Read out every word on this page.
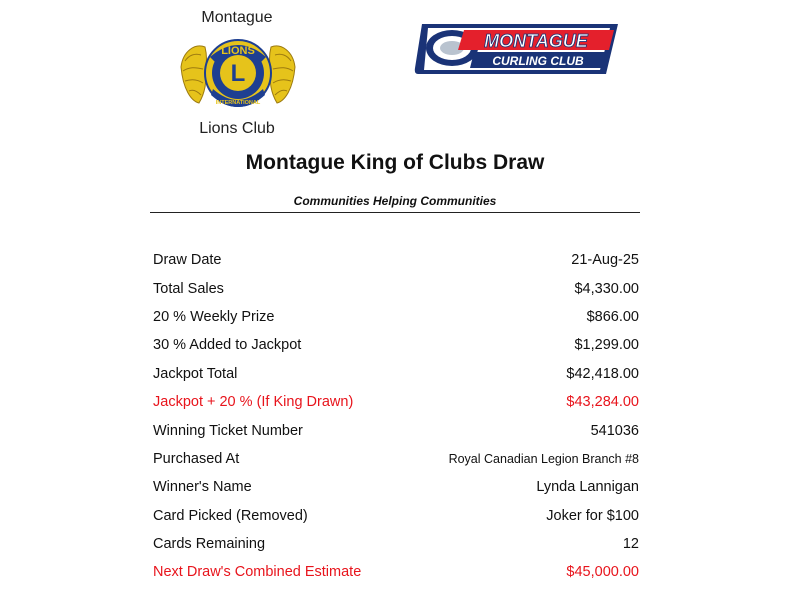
Montague
LIONS
L
INTERNATIONAL
Lions Club
MONTAGUE
CURLING CLUB
Montague King of Clubs Draw
Communities Helping Communities
Draw Date	21-Aug-25
Total Sales	$4,330.00
20 % Weekly Prize	$866.00
30 % Added to Jackpot	$1,299.00
Jackpot Total	$42,418.00
Jackpot + 20 % (If King Drawn)	$43,284.00
Winning Ticket Number	541036
Purchased At	Royal Canadian Legion Branch #8
Winner's Name	Lynda Lannigan
Card Picked (Removed)	Joker for $100
Cards Remaining	12
Next Draw's Combined Estimate	$45,000.00
